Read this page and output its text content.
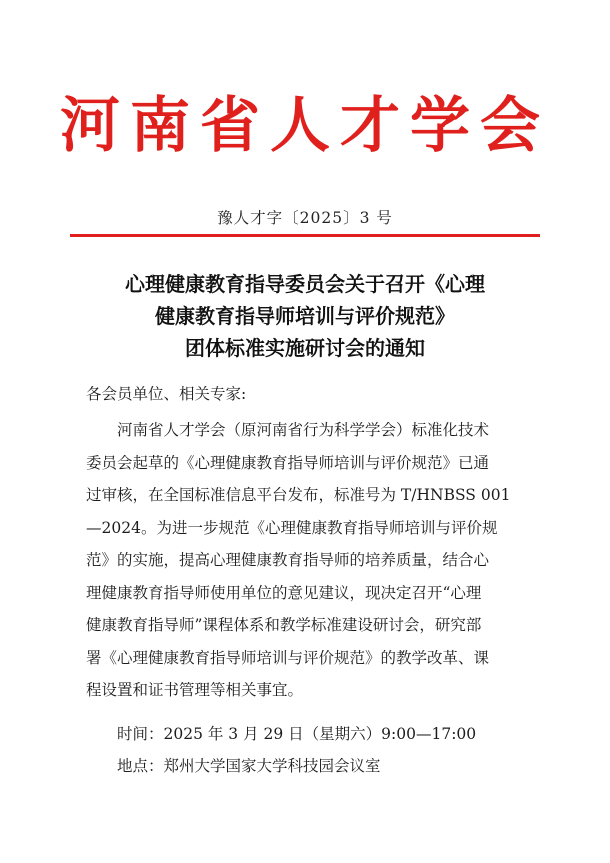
河南省人才学会
豫人才字〔2025〕3 号
心理健康教育指导委员会关于召开《心理
健康教育指导师培训与评价规范》
团体标准实施研讨会的通知
各会员单位、相关专家:
河南省人才学会（原河南省行为科学学会）标准化技术
委员会起草的《心理健康教育指导师培训与评价规范》已通
过审核，在全国标准信息平台发布，标准号为 T/HNBSS 001
—2024。为进一步规范《心理健康教育指导师培训与评价规
范》的实施，提高心理健康教育指导师的培养质量，结合心
理健康教育指导师使用单位的意见建议，现决定召开“心理
健康教育指导师”课程体系和教学标准建设研讨会，研究部
署《心理健康教育指导师培训与评价规范》的教学改革、课
程设置和证书管理等相关事宜。
时间：2025 年 3 月 29 日（星期六）9:00—17:00
地点：郑州大学国家大学科技园会议室
